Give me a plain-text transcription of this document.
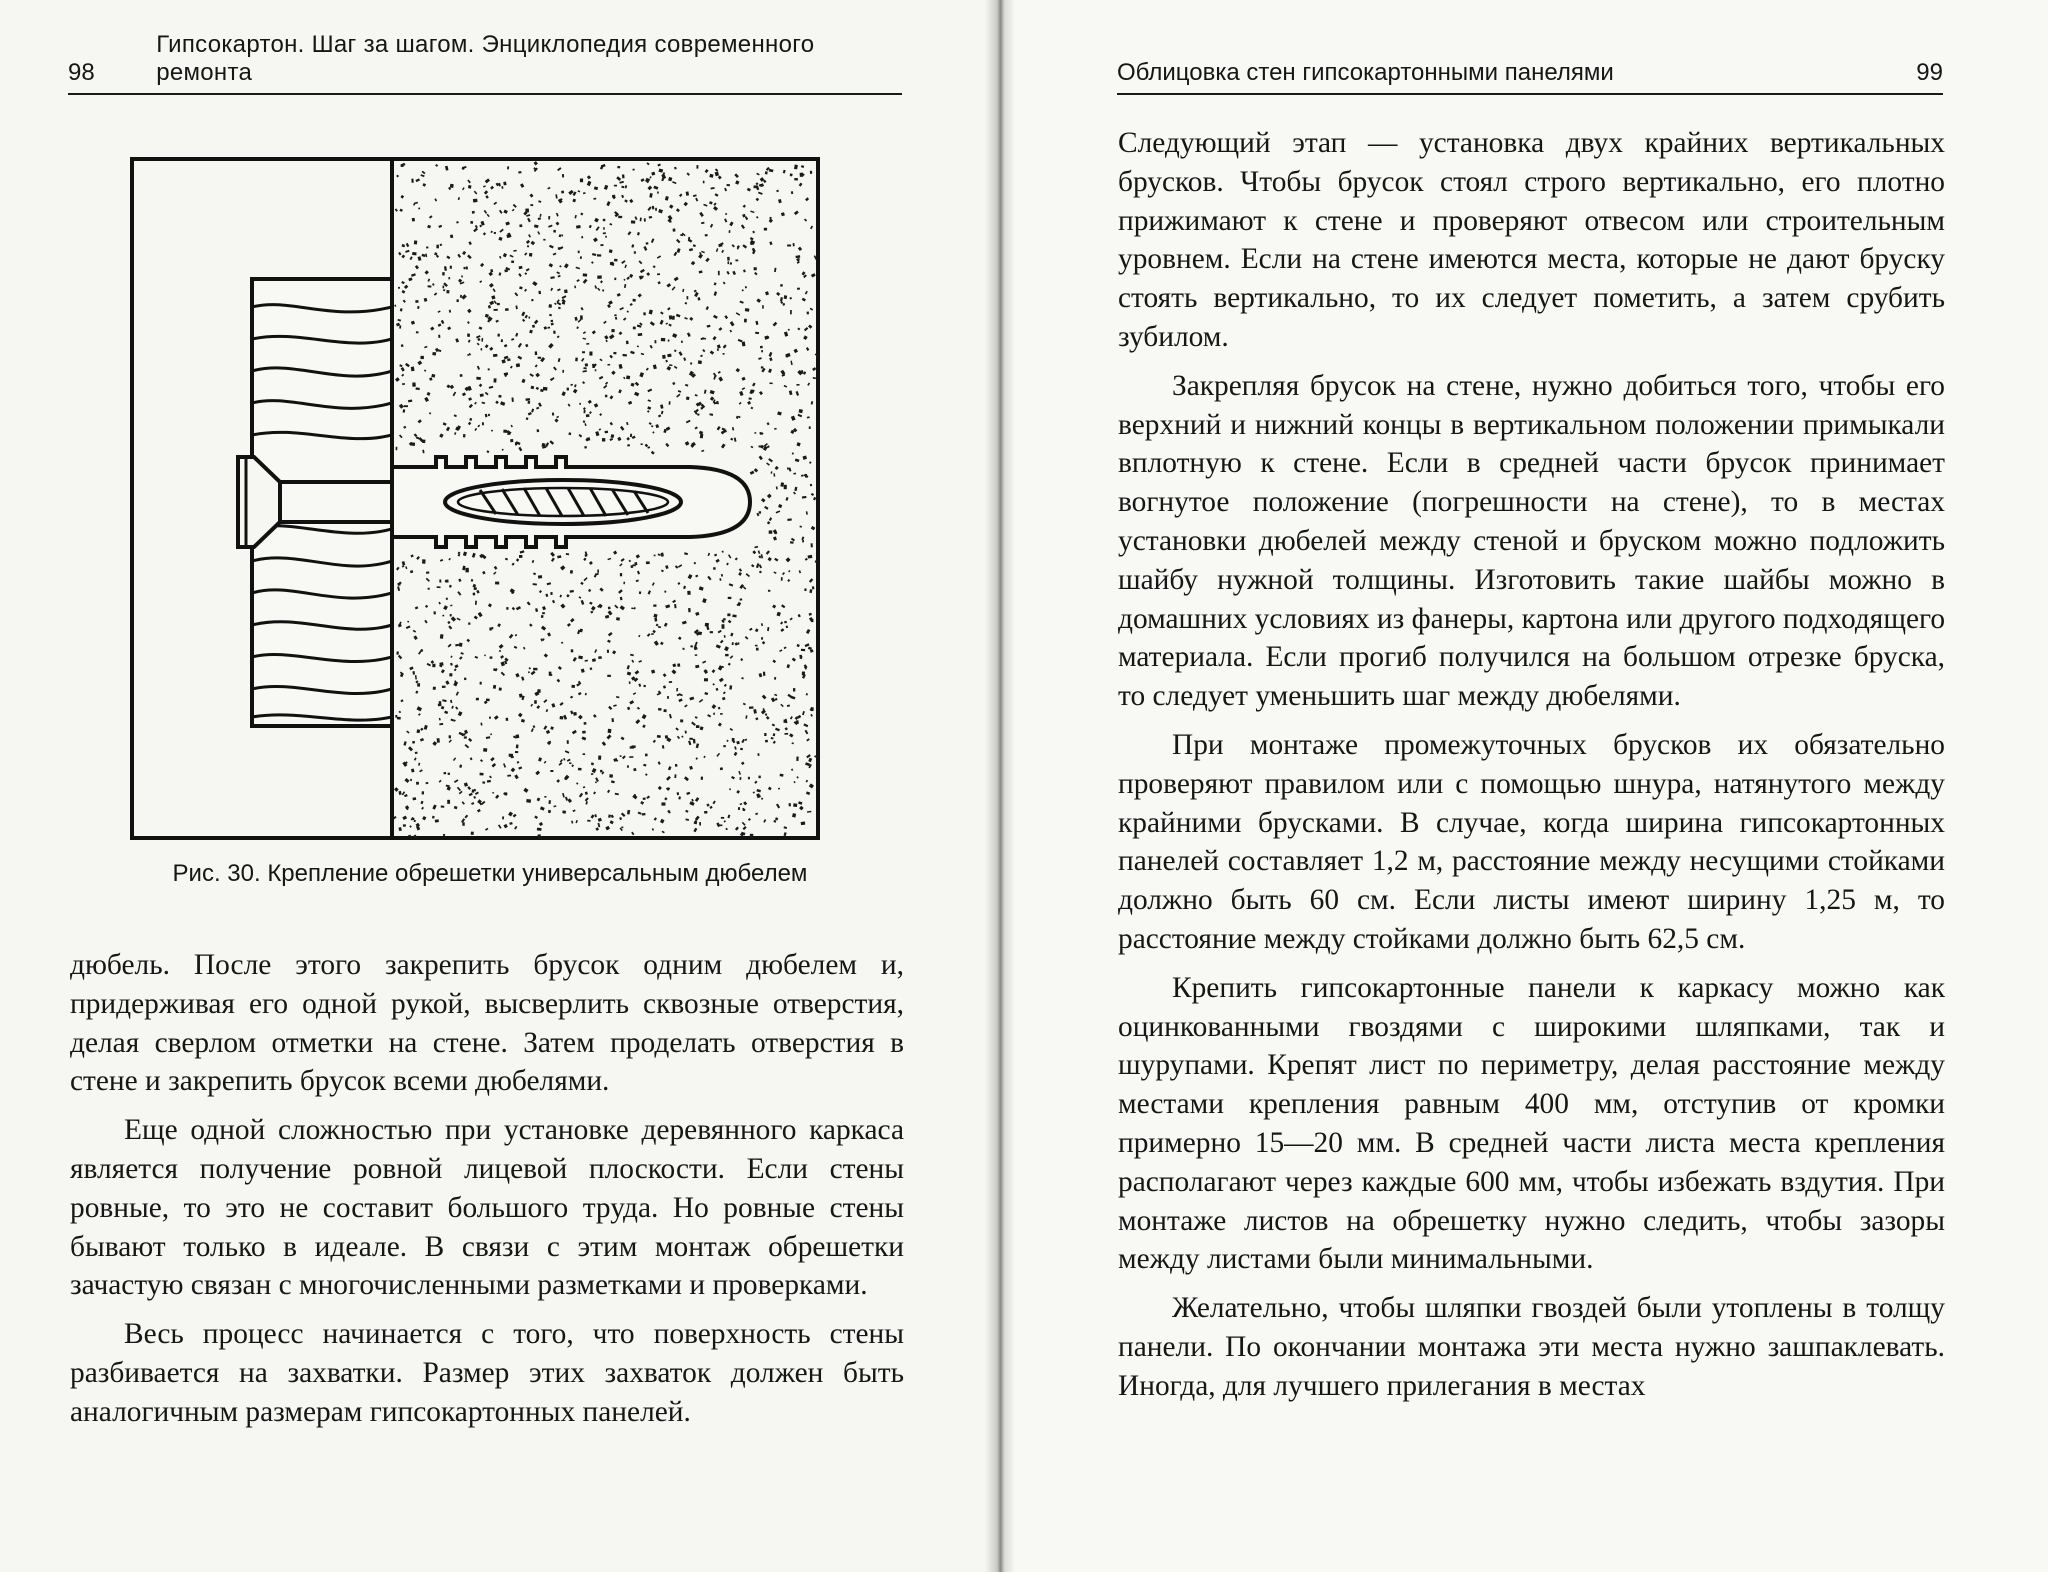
98
Гипсокартон. Шаг за шагом. Энциклопедия современного ремонта
Рис. 30. Крепление обрешетки универсальным дюбелем

дюбель. После этого закрепить брусок одним дюбелем и, придерживая его одной рукой, высверлить сквозные отверстия, делая сверлом отметки на стене. Затем проделать отверстия в стене и закрепить брусок всеми дюбелями.

Еще одной сложностью при установке деревянного каркаса является получение ровной лицевой плоскости. Если стены ровные, то это не составит большого труда. Но ровные стены бывают только в идеале. В связи с этим монтаж обрешетки зачастую связан с многочисленными разметками и проверками.

Весь процесс начинается с того, что поверхность стены разбивается на захватки. Размер этих захваток должен быть аналогичным размерам гипсокартонных панелей.

Облицовка стен гипсокартонными панелями	99

Следующий этап — установка двух крайних вертикальных брусков. Чтобы брусок стоял строго вертикально, его плотно прижимают к стене и проверяют отвесом или строительным уровнем. Если на стене имеются места, которые не дают бруску стоять вертикально, то их следует пометить, а затем срубить зубилом.

Закрепляя брусок на стене, нужно добиться того, чтобы его верхний и нижний концы в вертикальном положении примыкали вплотную к стене. Если в средней части брусок принимает вогнутое положение (погрешности на стене), то в местах установки дюбелей между стеной и бруском можно подложить шайбу нужной толщины. Изготовить такие шайбы можно в домашних условиях из фанеры, картона или другого подходящего материала. Если прогиб получился на большом отрезке бруска, то следует уменьшить шаг между дюбелями.

При монтаже промежуточных брусков их обязательно проверяют правилом или с помощью шнура, натянутого между крайними брусками. В случае, когда ширина гипсокартонных панелей составляет 1,2 м, расстояние между несущими стойками должно быть 60 см. Если листы имеют ширину 1,25 м, то расстояние между стойками должно быть 62,5 см.

Крепить гипсокартонные панели к каркасу можно как оцинкованными гвоздями с широкими шляпками, так и шурупами. Крепят лист по периметру, делая расстояние между местами крепления равным 400 мм, отступив от кромки примерно 15—20 мм. В средней части листа места крепления располагают через каждые 600 мм, чтобы избежать вздутия. При монтаже листов на обрешетку нужно следить, чтобы зазоры между листами были минимальными.

Желательно, чтобы шляпки гвоздей были утоплены в толщу панели. По окончании монтажа эти места нужно зашпаклевать. Иногда, для лучшего прилегания в местах
